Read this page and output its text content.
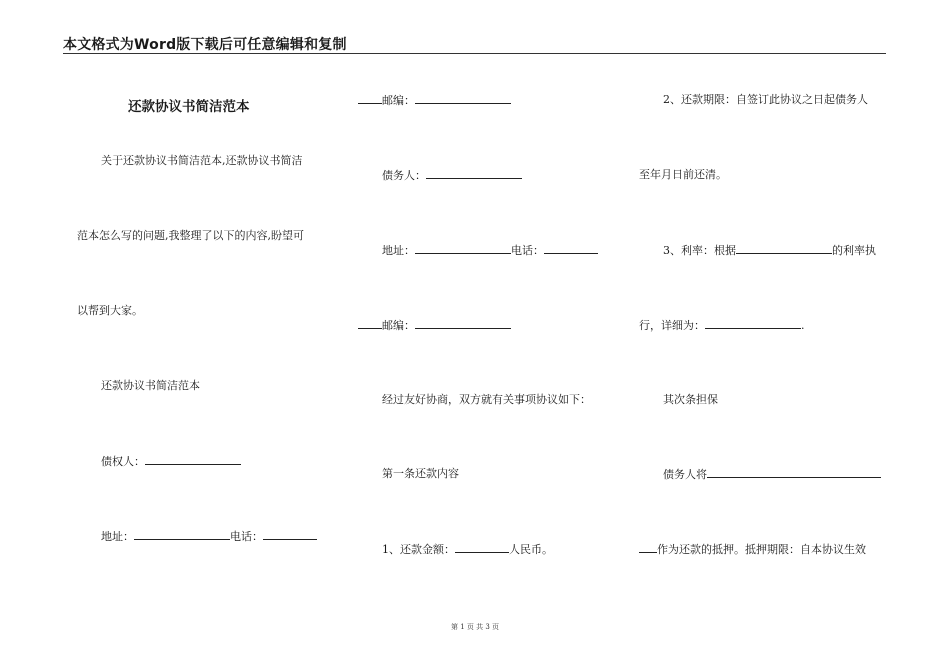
本文格式为Word版下载后可任意编辑和复制
还款协议书简洁范本
关于还款协议书简洁范本,还款协议书简洁
范本怎么写的问题,我整理了以下的内容,盼望可
以帮到大家。
还款协议书简洁范本
债权人：
地址：	电话：
邮编：
债务人：
地址：	电话：
邮编：
经过友好协商，双方就有关事项协议如下：
第一条还款内容
1、还款金额：	人民币。
2、还款期限：自签订此协议之日起债务人
至年月日前还清。
3、利率：根据	的利率执
行，详细为：	.
其次条担保
债务人将
作为还款的抵押。抵押期限：自本协议生效
第 1 页 共 3 页
